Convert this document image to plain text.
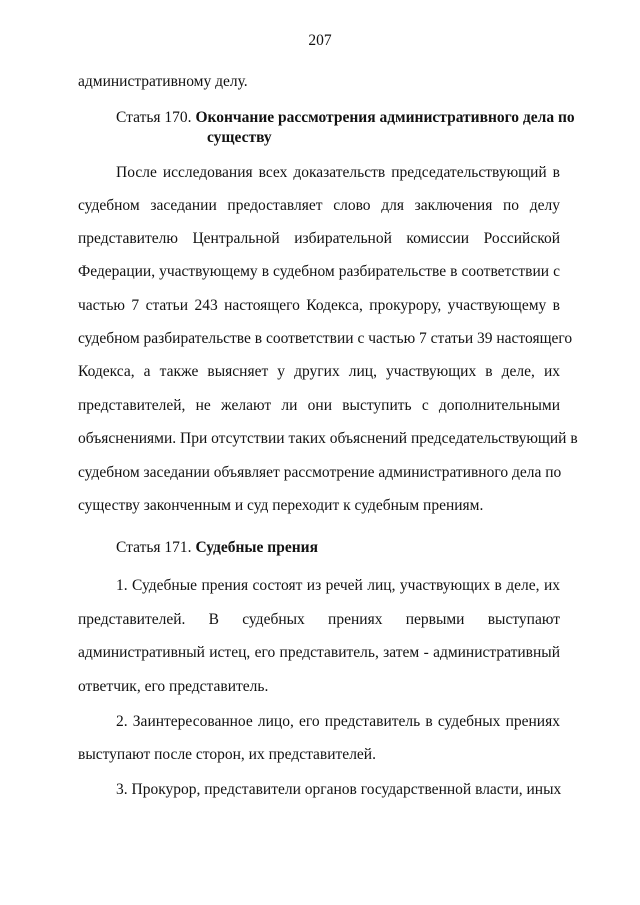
207
административному делу.
Статья 170. Окончание рассмотрения административного дела по
существу
После исследования всех доказательств председательствующий в
судебном заседании предоставляет слово для заключения по делу
представителю Центральной избирательной комиссии Российской
Федерации, участвующему в судебном разбирательстве в соответствии с
частью 7 статьи 243 настоящего Кодекса, прокурору, участвующему в
судебном разбирательстве в соответствии с частью 7 статьи 39 настоящего
Кодекса, а также выясняет у других лиц, участвующих в деле, их
представителей, не желают ли они выступить с дополнительными
объяснениями. При отсутствии таких объяснений председательствующий в
судебном заседании объявляет рассмотрение административного дела по
существу законченным и суд переходит к судебным прениям.
Статья 171. Судебные прения
1. Судебные прения состоят из речей лиц, участвующих в деле, их
представителей. В судебных прениях первыми выступают
административный истец, его представитель, затем - административный
ответчик, его представитель.
2. Заинтересованное лицо, его представитель в судебных прениях
выступают после сторон, их представителей.
3. Прокурор, представители органов государственной власти, иных
